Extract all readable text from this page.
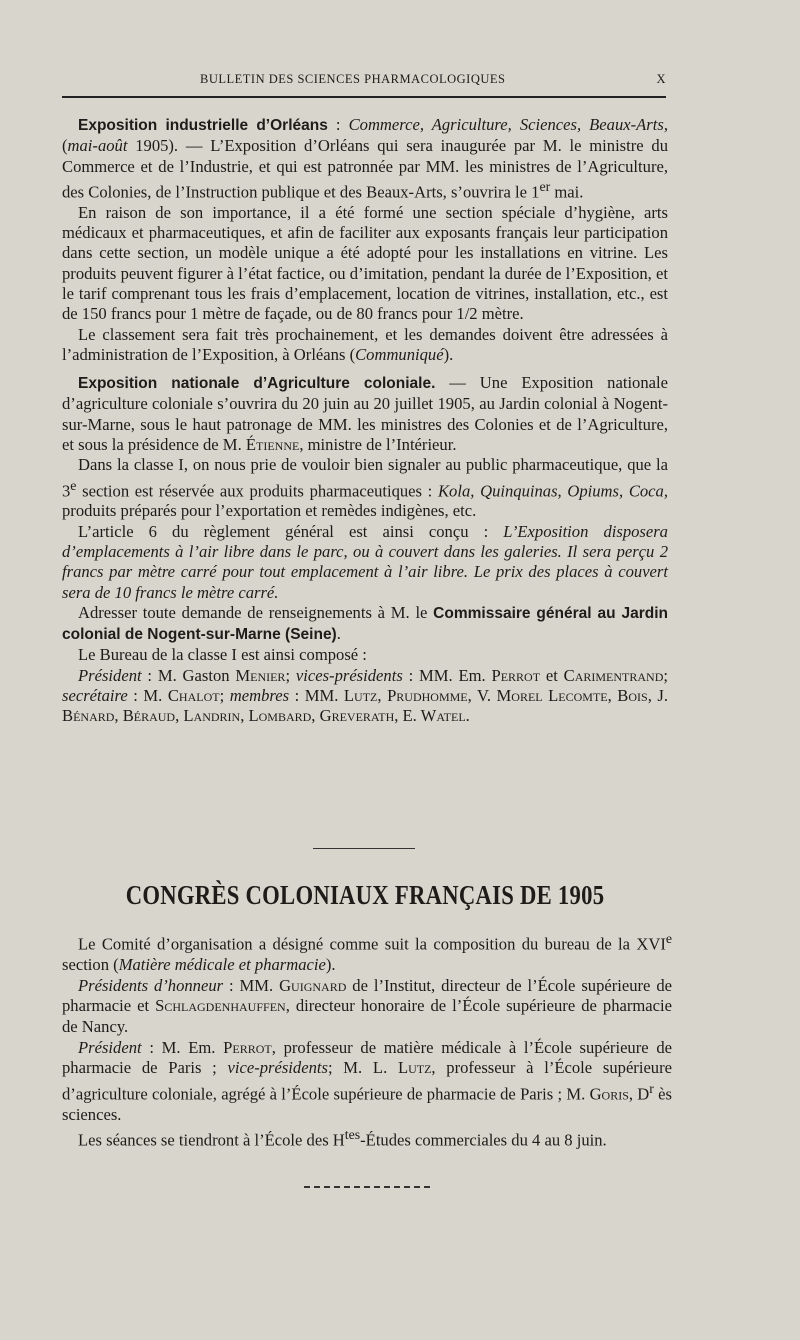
BULLETIN DES SCIENCES PHARMACOLOGIQUES	X

Exposition industrielle d’Orléans : Commerce, Agriculture, Sciences, Beaux-Arts, (mai-août 1905). — L’Exposition d’Orléans qui sera inaugurée par M. le ministre du Commerce et de l’Industrie, et qui est patronnée par MM. les ministres de l’Agriculture, des Colonies, de l’Instruction publique et des Beaux-Arts, s’ouvrira le 1er mai.

En raison de son importance, il a été formé une section spéciale d’hygiène, arts médicaux et pharmaceutiques, et afin de faciliter aux exposants français leur participation dans cette section, un modèle unique a été adopté pour les installations en vitrine. Les produits peuvent figurer à l’état factice, ou d’imitation, pendant la durée de l’Exposition, et le tarif comprenant tous les frais d’emplacement, location de vitrines, installation, etc., est de 150 francs pour 1 mètre de façade, ou de 80 francs pour 1/2 mètre.

Le classement sera fait très prochainement, et les demandes doivent être adressées à l’administration de l’Exposition, à Orléans (Communiqué).

Exposition nationale d’Agriculture coloniale. — Une Exposition nationale d’agriculture coloniale s’ouvrira du 20 juin au 20 juillet 1905, au Jardin colonial à Nogent-sur-Marne, sous le haut patronage de MM. les ministres des Colonies et de l’Agriculture, et sous la présidence de M. Étienne, ministre de l’Intérieur.

Dans la classe I, on nous prie de vouloir bien signaler au public pharmaceutique, que la 3e section est réservée aux produits pharmaceutiques : Kola, Quinquinas, Opiums, Coca, produits préparés pour l’exportation et remèdes indigènes, etc.

L’article 6 du règlement général est ainsi conçu : L’Exposition disposera d’emplacements à l’air libre dans le parc, ou à couvert dans les galeries. Il sera perçu 2 francs par mètre carré pour tout emplacement à l’air libre. Le prix des places à couvert sera de 10 francs le mètre carré.

Adresser toute demande de renseignements à M. le Commissaire général au Jardin colonial de Nogent-sur-Marne (Seine).

Le Bureau de la classe I est ainsi composé :

Président : M. Gaston Menier; vices-présidents : MM. Em. Perrot et Carimentrand; secrétaire : M. Chalot; membres : MM. Lutz, Prudhomme, V. Morel Lecomte, Bois, J. Bénard, Béraud, Landrin, Lombard, Greverath, E. Watel.

CONGRÈS COLONIAUX FRANÇAIS DE 1905

Le Comité d’organisation a désigné comme suit la composition du bureau de la XVIe section (Matière médicale et pharmacie).

Présidents d’honneur : MM. Guignard de l’Institut, directeur de l’École supérieure de pharmacie et Schlagdenhauffen, directeur honoraire de l’École supérieure de pharmacie de Nancy.

Président : M. Em. Perrot, professeur de matière médicale à l’École supérieure de pharmacie de Paris ; vice-présidents; M. L. Lutz, professeur à l’École supérieure d’agriculture coloniale, agrégé à l’École supérieure de pharmacie de Paris ; M. Goris, $D^r$ ès sciences.

Les séances se tiendront à l’École des $H^{tes}$-Études commerciales du 4 au 8 juin.
